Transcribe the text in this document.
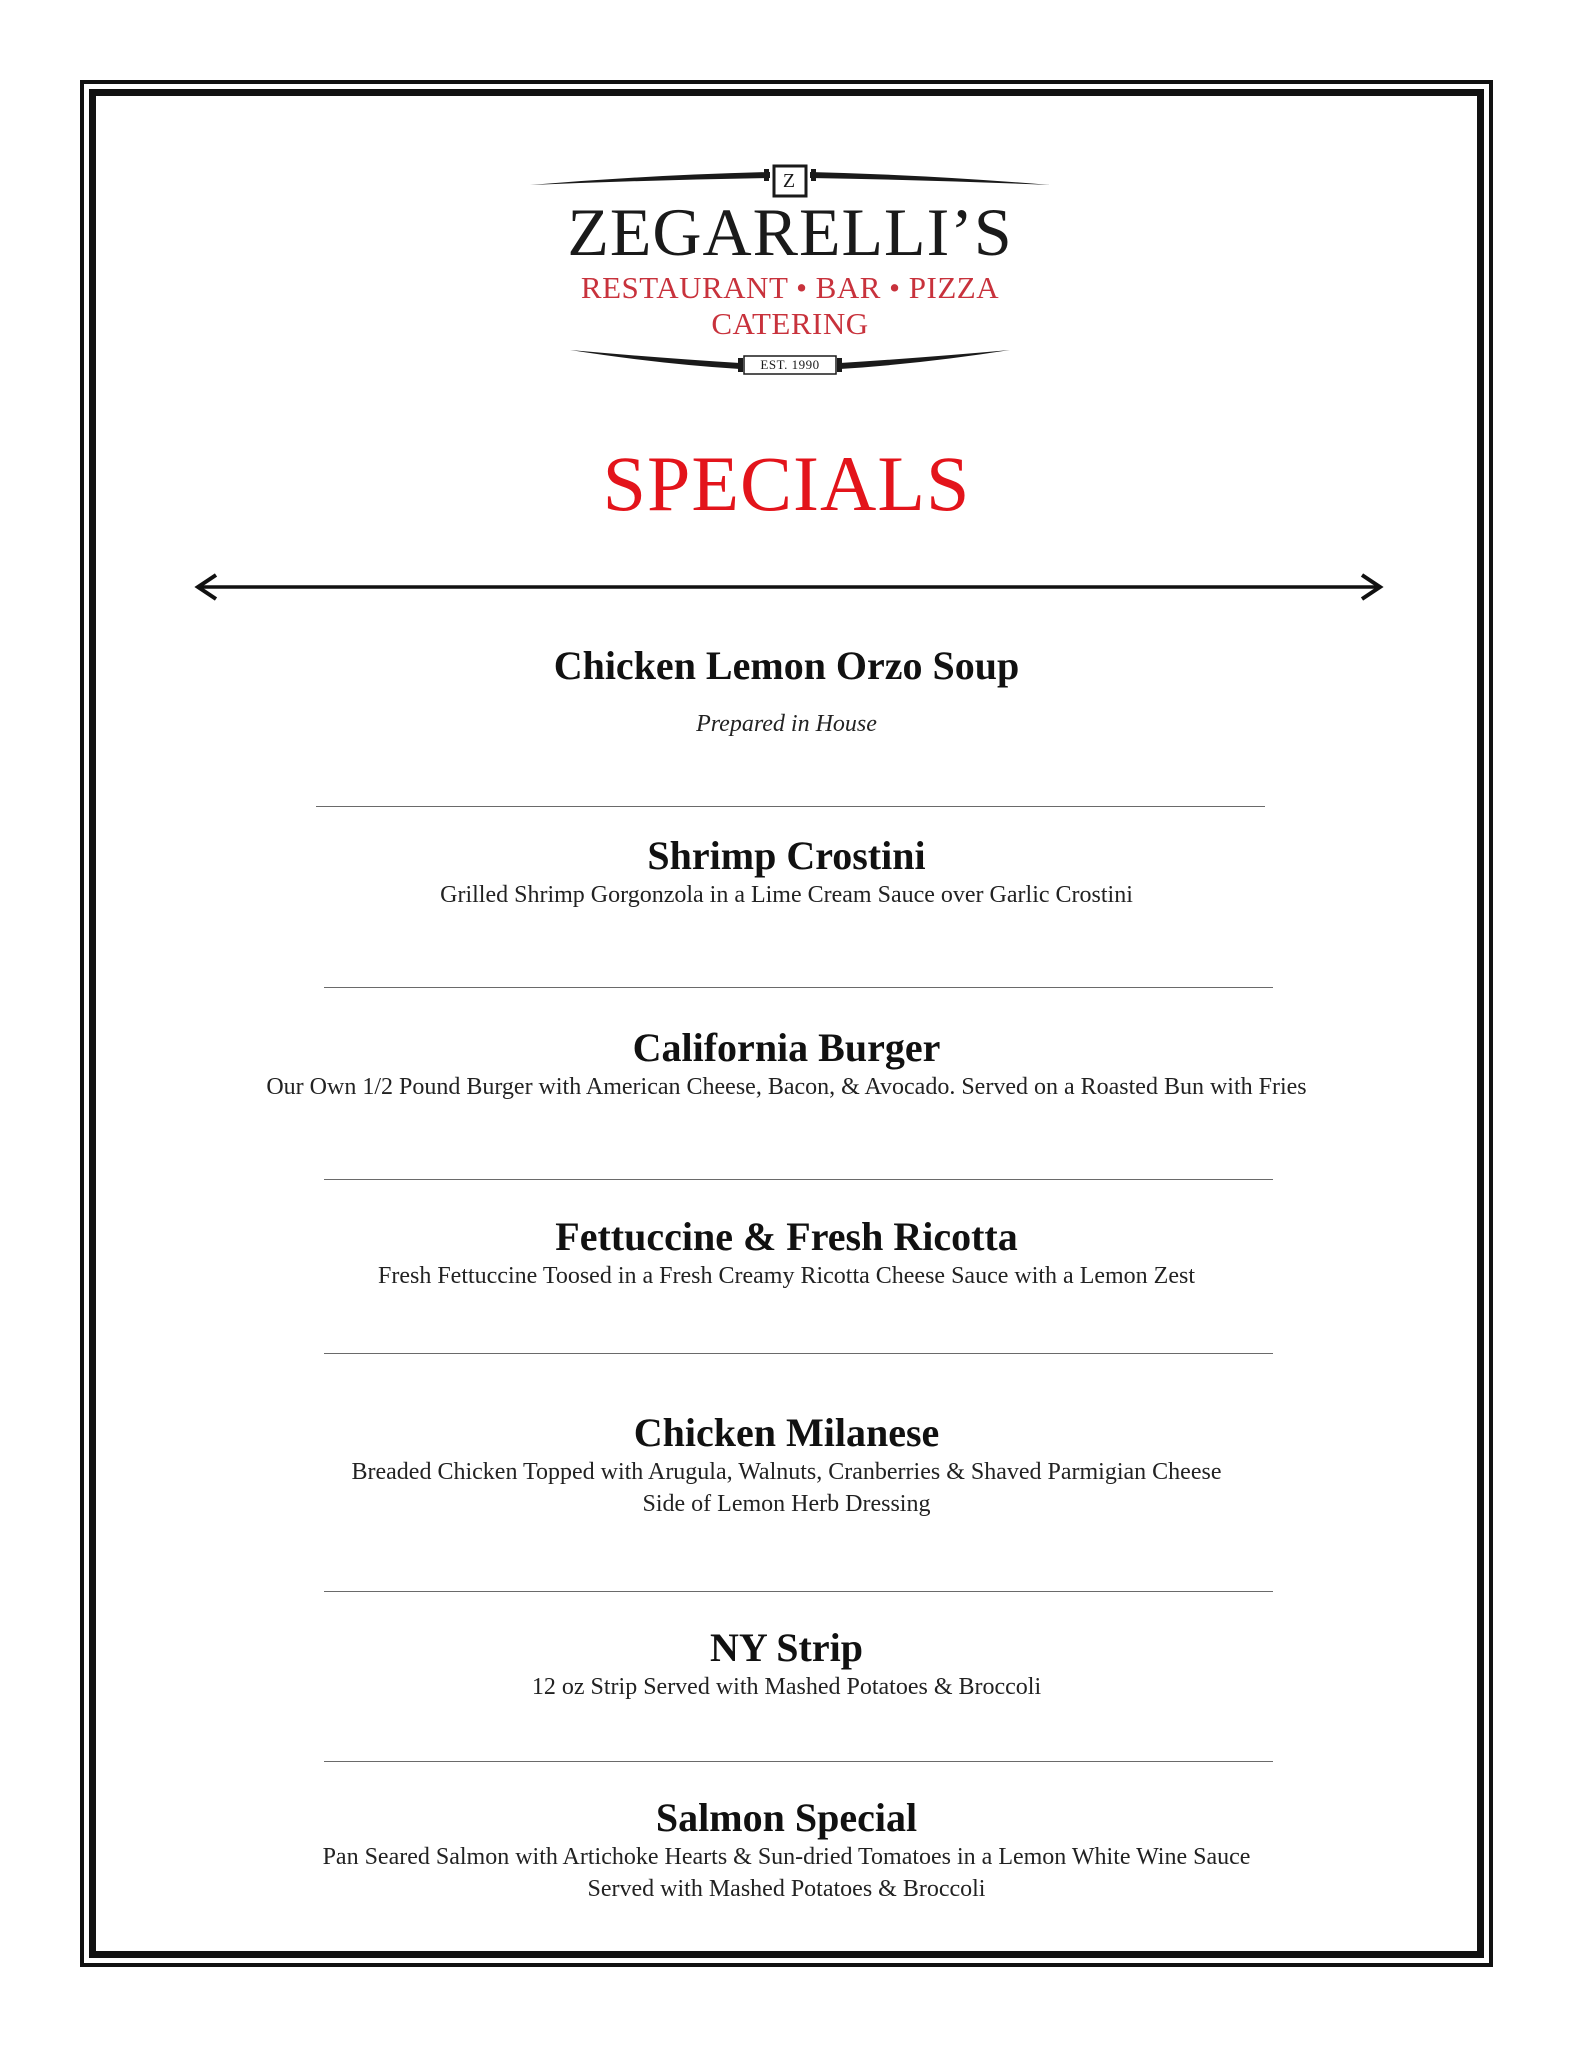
Z
ZEGARELLI’S
RESTAURANT • BAR • PIZZA
CATERING
EST. 1990
SPECIALS

Chicken Lemon Orzo Soup

Prepared in House

Shrimp Crostini

Grilled Shrimp Gorgonzola in a Lime Cream Sauce over Garlic Crostini

California Burger

Our Own 1/2 Pound Burger with American Cheese, Bacon, & Avocado. Served on a Roasted Bun with Fries

Fettuccine & Fresh Ricotta

Fresh Fettuccine Toosed in a Fresh Creamy Ricotta Cheese Sauce with a Lemon Zest

Chicken Milanese

Breaded Chicken Topped with Arugula, Walnuts, Cranberries & Shaved Parmigian Cheese

Side of Lemon Herb Dressing

NY Strip

12 oz Strip Served with Mashed Potatoes & Broccoli

Salmon Special

Pan Seared Salmon with Artichoke Hearts & Sun-dried Tomatoes in a Lemon White Wine Sauce

Served with Mashed Potatoes & Broccoli
